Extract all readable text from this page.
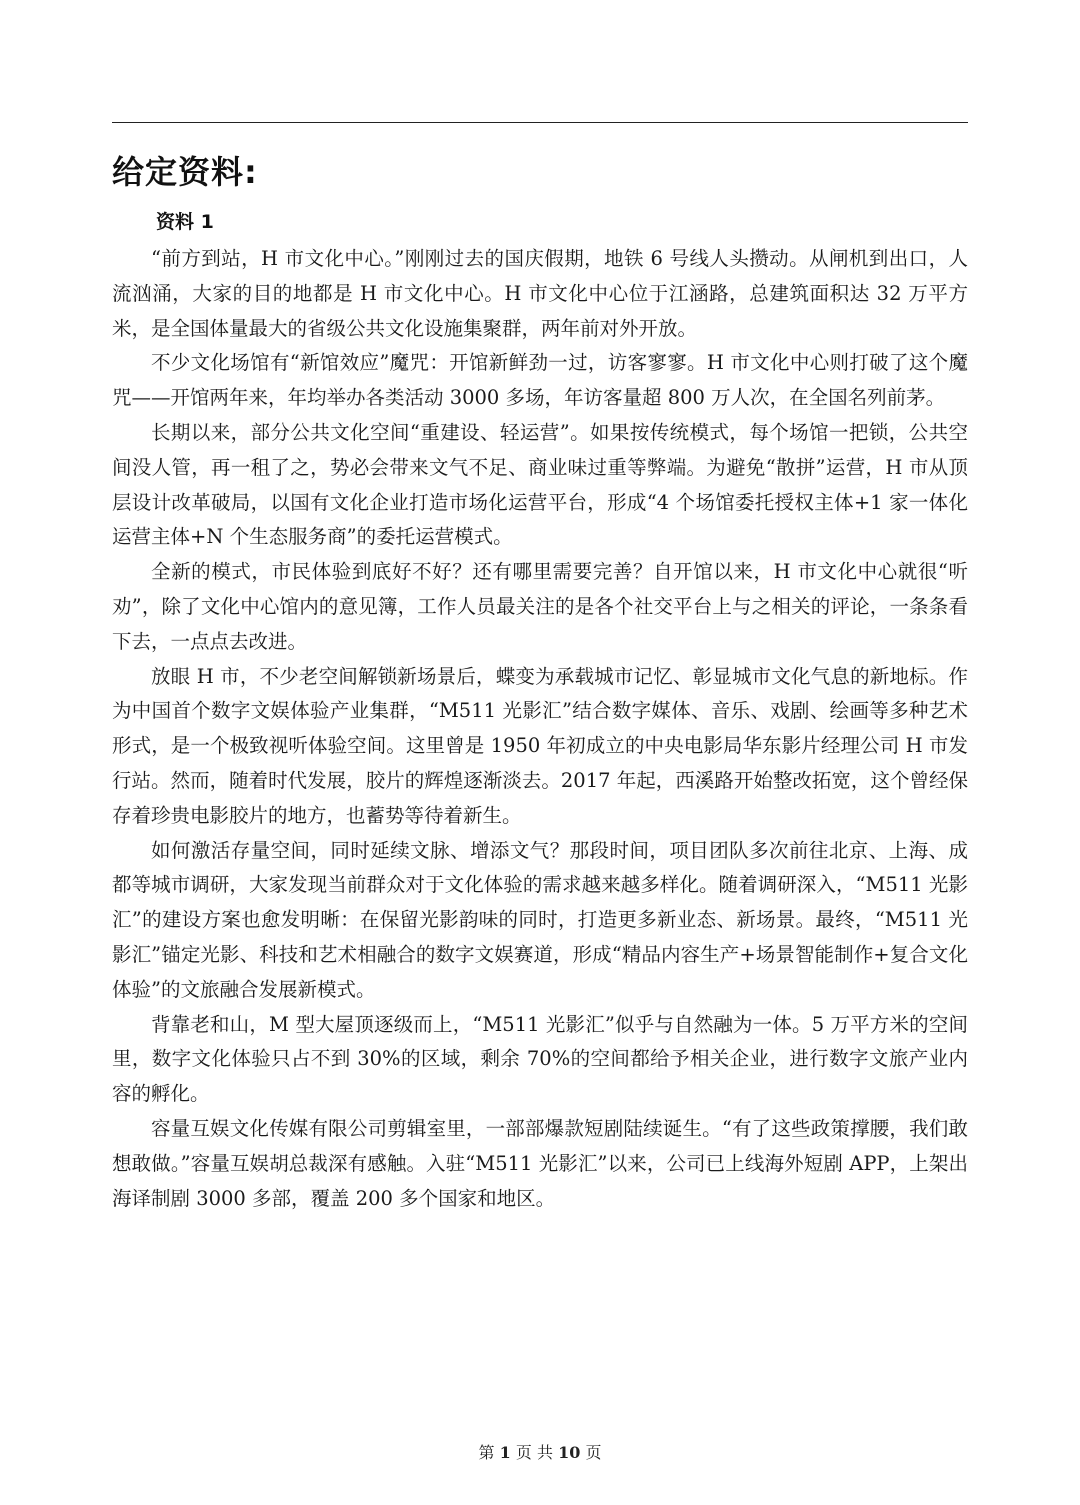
给定资料:
资料 1

“前方到站，H 市文化中心。”刚刚过去的国庆假期，地铁 6 号线人头攒动。从闸机到出口，人流汹涌，大家的目的地都是 H 市文化中心。H 市文化中心位于江涵路，总建筑面积达 32 万平方米，是全国体量最大的省级公共文化设施集聚群，两年前对外开放。

不少文化场馆有“新馆效应”魔咒：开馆新鲜劲一过，访客寥寥。H 市文化中心则打破了这个魔咒——开馆两年来，年均举办各类活动 3000 多场，年访客量超 800 万人次，在全国名列前茅。

长期以来，部分公共文化空间“重建设、轻运营”。如果按传统模式，每个场馆一把锁，公共空间没人管，再一租了之，势必会带来文气不足、商业味过重等弊端。为避免“散拼”运营，H 市从顶层设计改革破局，以国有文化企业打造市场化运营平台，形成“4 个场馆委托授权主体+1 家一体化运营主体+N 个生态服务商”的委托运营模式。

全新的模式，市民体验到底好不好？还有哪里需要完善？自开馆以来，H 市文化中心就很“听劝”，除了文化中心馆内的意见簿，工作人员最关注的是各个社交平台上与之相关的评论，一条条看下去，一点点去改进。

放眼 H 市，不少老空间解锁新场景后，蝶变为承载城市记忆、彰显城市文化气息的新地标。作为中国首个数字文娱体验产业集群，“M511 光影汇”结合数字媒体、音乐、戏剧、绘画等多种艺术形式，是一个极致视听体验空间。这里曾是 1950 年初成立的中央电影局华东影片经理公司 H 市发行站。然而，随着时代发展，胶片的辉煌逐渐淡去。2017 年起，西溪路开始整改拓宽，这个曾经保存着珍贵电影胶片的地方，也蓄势等待着新生。

如何激活存量空间，同时延续文脉、增添文气？那段时间，项目团队多次前往北京、上海、成都等城市调研，大家发现当前群众对于文化体验的需求越来越多样化。随着调研深入，“M511 光影汇”的建设方案也愈发明晰：在保留光影韵味的同时，打造更多新业态、新场景。最终，“M511 光影汇”锚定光影、科技和艺术相融合的数字文娱赛道，形成“精品内容生产+场景智能制作+复合文化体验”的文旅融合发展新模式。

背靠老和山，M 型大屋顶逐级而上，“M511 光影汇”似乎与自然融为一体。5 万平方米的空间里，数字文化体验只占不到 30%的区域，剩余 70%的空间都给予相关企业，进行数字文旅产业内容的孵化。

容量互娱文化传媒有限公司剪辑室里，一部部爆款短剧陆续诞生。“有了这些政策撑腰，我们敢想敢做。”容量互娱胡总裁深有感触。入驻“M511 光影汇”以来，公司已上线海外短剧 APP，上架出海译制剧 3000 多部，覆盖 200 多个国家和地区。

第 1 页 共 10 页
